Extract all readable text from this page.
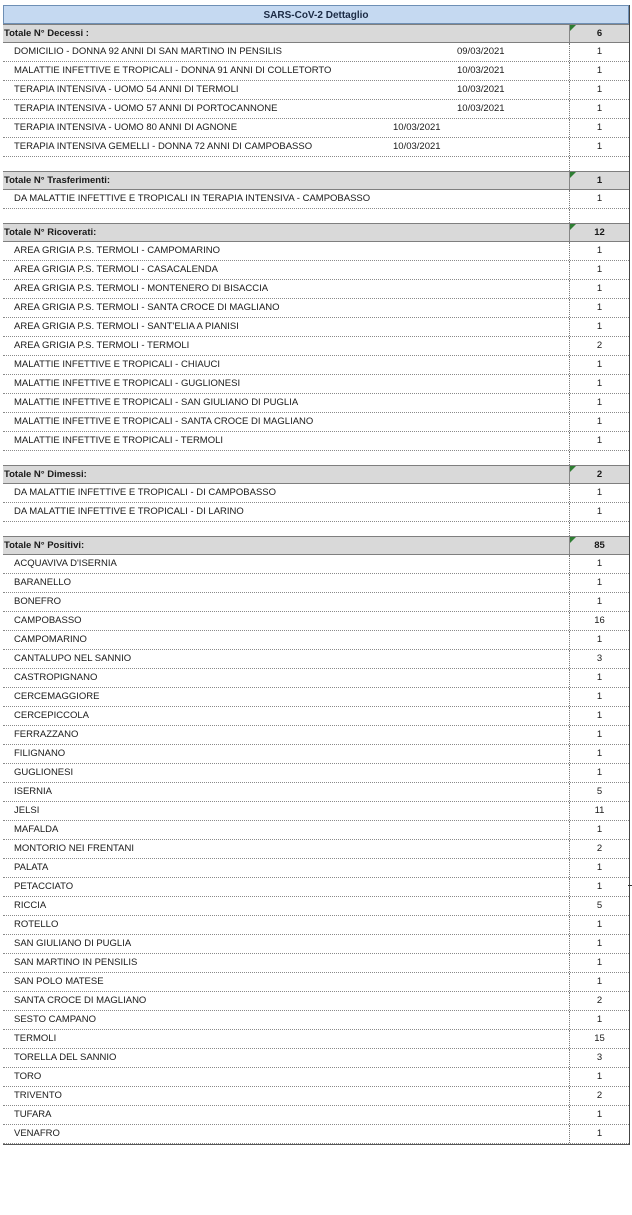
SARS-CoV-2 Dettaglio
Totale N° Decessi :	6
DOMICILIO - DONNA 92 ANNI DI SAN MARTINO IN PENSILIS	09/03/2021	1
MALATTIE INFETTIVE E TROPICALI - DONNA 91 ANNI DI COLLETORTO	10/03/2021	1
TERAPIA INTENSIVA - UOMO 54 ANNI DI TERMOLI	10/03/2021	1
TERAPIA INTENSIVA - UOMO 57 ANNI DI PORTOCANNONE	10/03/2021	1
TERAPIA INTENSIVA - UOMO 80 ANNI DI AGNONE	10/03/2021	1
TERAPIA INTENSIVA GEMELLI - DONNA 72 ANNI DI CAMPOBASSO	10/03/2021	1
Totale N° Trasferimenti:	1
DA MALATTIE INFETTIVE E TROPICALI IN TERAPIA INTENSIVA - CAMPOBASSO	1
Totale N° Ricoverati:	12
AREA GRIGIA P.S. TERMOLI - CAMPOMARINO	1
AREA GRIGIA P.S. TERMOLI - CASACALENDA	1
AREA GRIGIA P.S. TERMOLI - MONTENERO DI BISACCIA	1
AREA GRIGIA P.S. TERMOLI - SANTA CROCE DI MAGLIANO	1
AREA GRIGIA P.S. TERMOLI - SANT'ELIA A PIANISI	1
AREA GRIGIA P.S. TERMOLI - TERMOLI	2
MALATTIE INFETTIVE E TROPICALI - CHIAUCI	1
MALATTIE INFETTIVE E TROPICALI - GUGLIONESI	1
MALATTIE INFETTIVE E TROPICALI - SAN GIULIANO DI PUGLIA	1
MALATTIE INFETTIVE E TROPICALI - SANTA CROCE DI MAGLIANO	1
MALATTIE INFETTIVE E TROPICALI - TERMOLI	1
Totale N° Dimessi:	2
DA MALATTIE INFETTIVE E TROPICALI - DI CAMPOBASSO	1
DA MALATTIE INFETTIVE E TROPICALI - DI LARINO	1
Totale N° Positivi:	85
ACQUAVIVA D'ISERNIA	1
BARANELLO	1
BONEFRO	1
CAMPOBASSO	16
CAMPOMARINO	1
CANTALUPO NEL SANNIO	3
CASTROPIGNANO	1
CERCEMAGGIORE	1
CERCEPICCOLA	1
FERRAZZANO	1
FILIGNANO	1
GUGLIONESI	1
ISERNIA	5
JELSI	11
MAFALDA	1
MONTORIO NEI FRENTANI	2
PALATA	1
PETACCIATO	1
RICCIA	5
ROTELLO	1
SAN GIULIANO DI PUGLIA	1
SAN MARTINO IN PENSILIS	1
SAN POLO MATESE	1
SANTA CROCE DI MAGLIANO	2
SESTO CAMPANO	1
TERMOLI	15
TORELLA DEL SANNIO	3
TORO	1
TRIVENTO	2
TUFARA	1
VENAFRO	1
